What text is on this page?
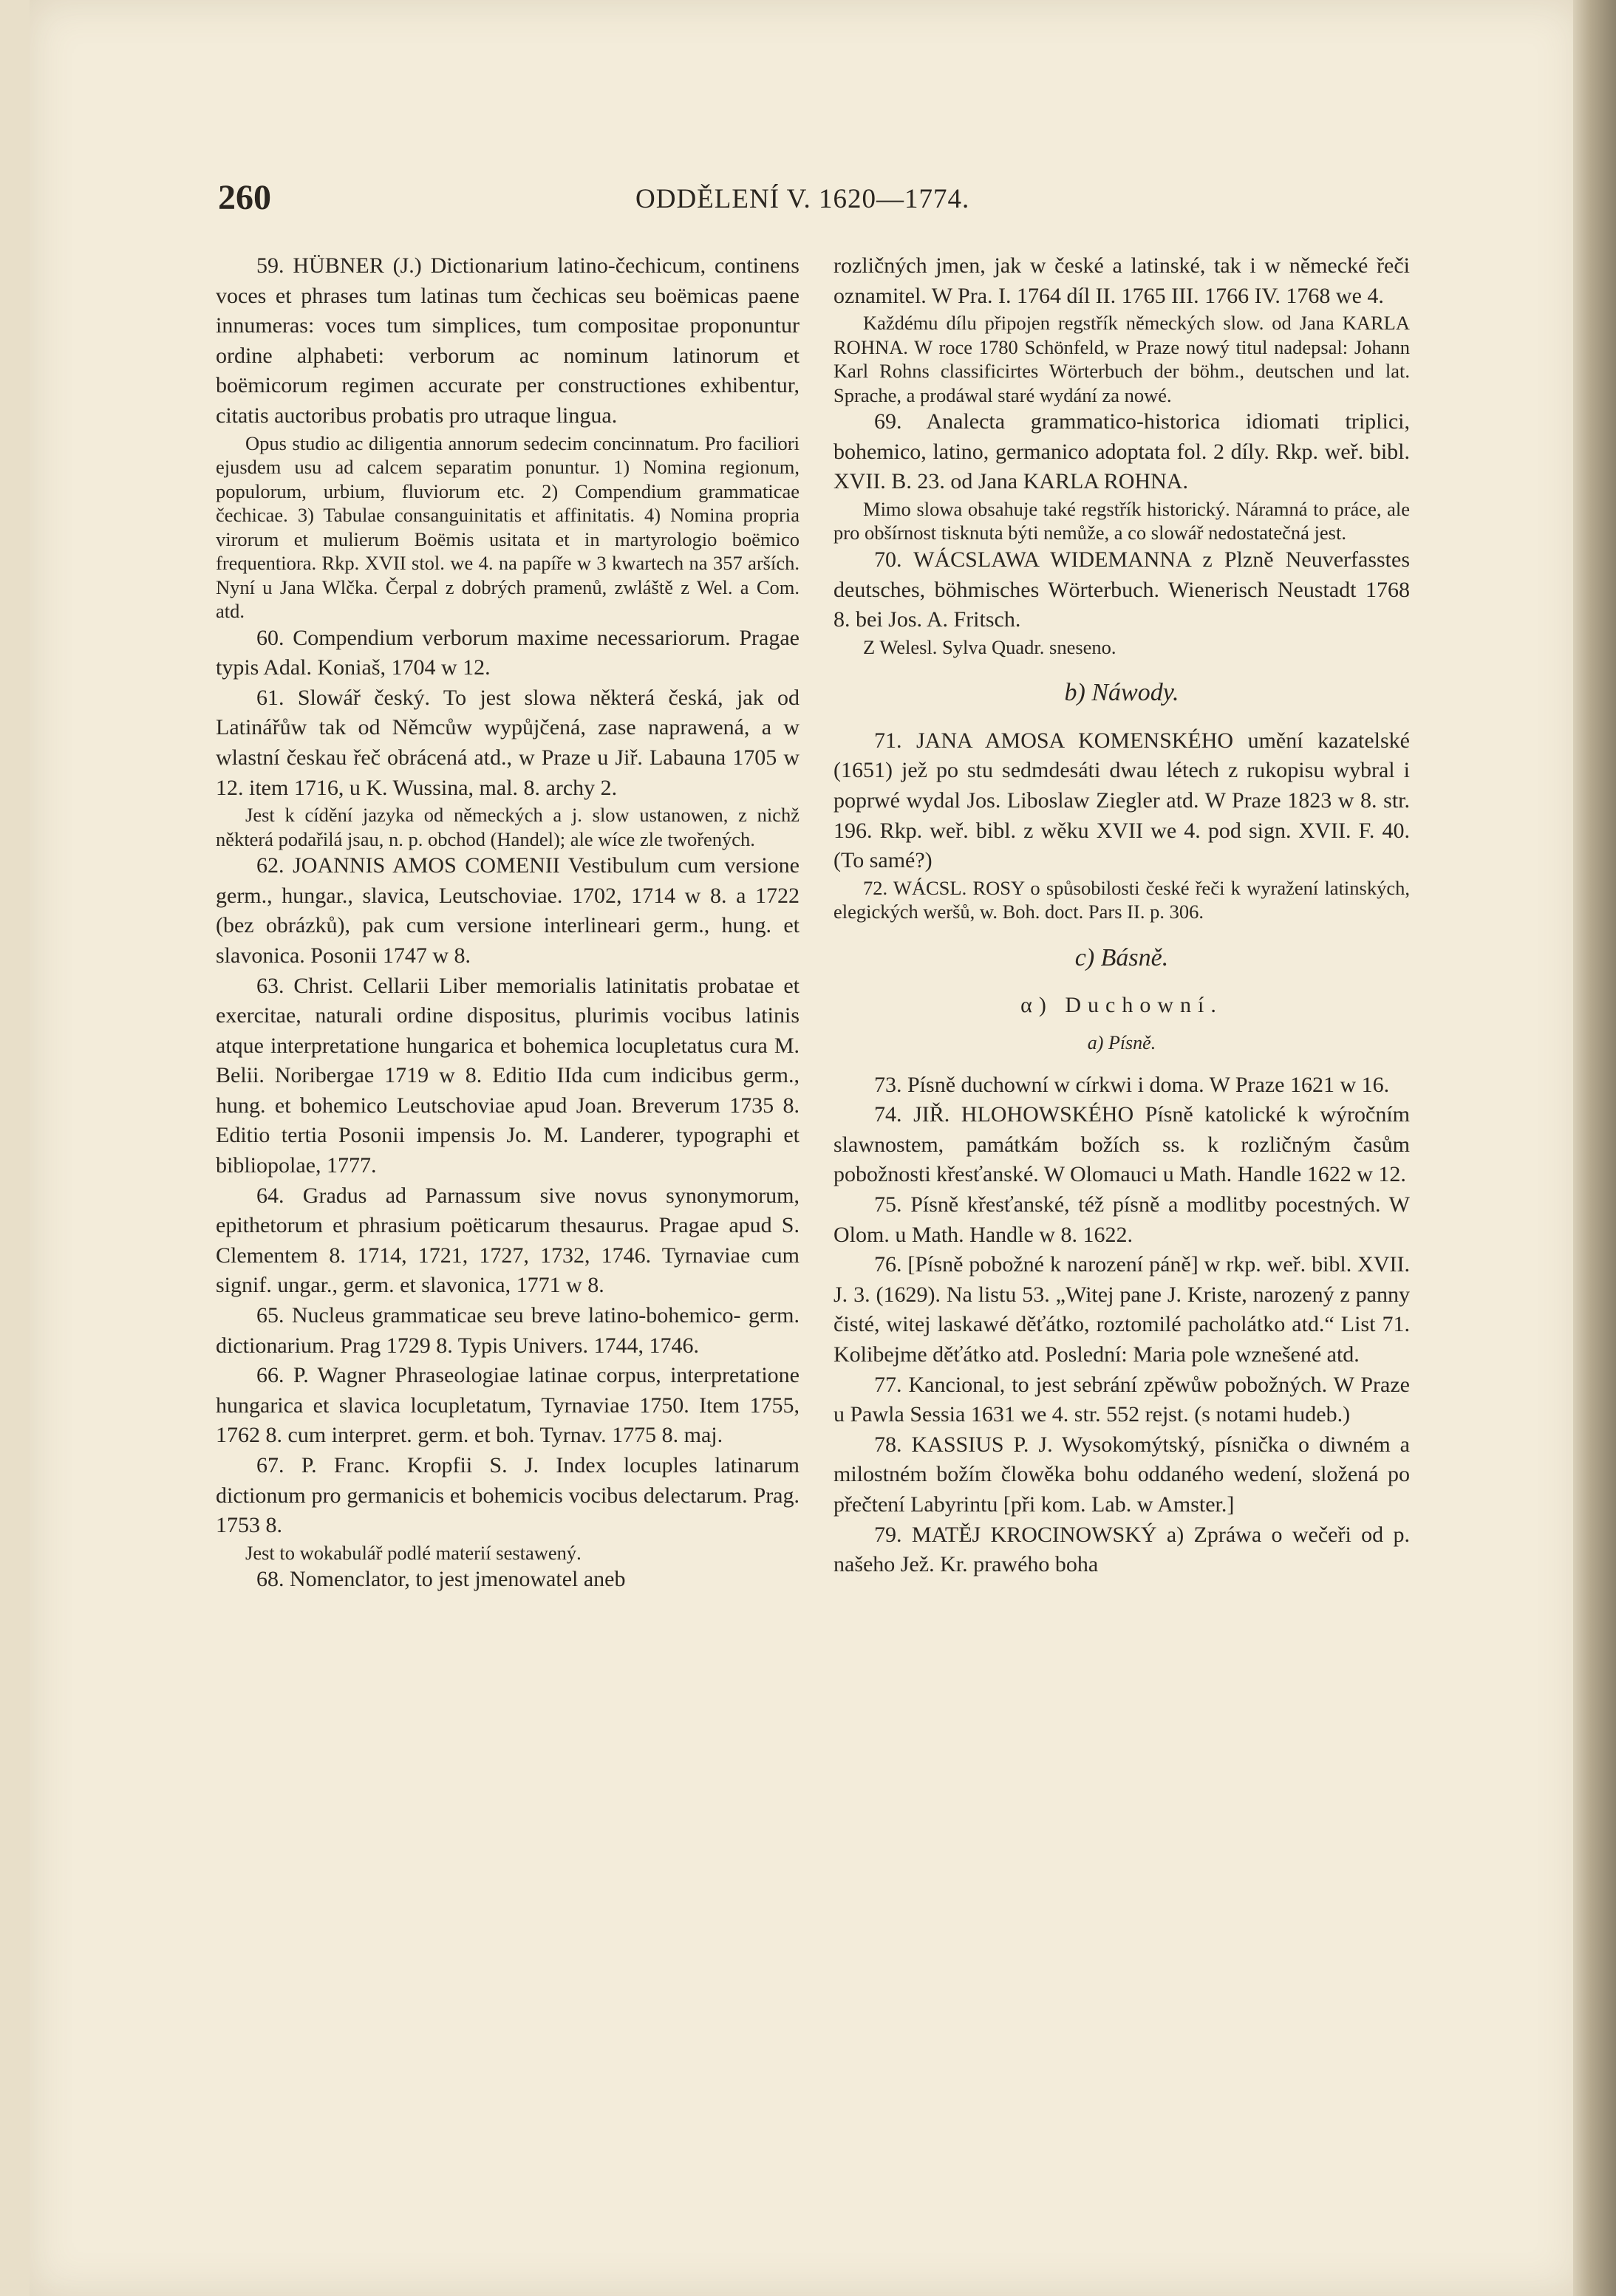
260	ODDĚLENÍ V. 1620—1774.

59. HÜBNER (J.) Dictionarium latino-čechicum, continens voces et phrases tum latinas tum čechicas seu boëmicas paene innumeras: voces tum simplices, tum compositae proponuntur ordine alphabeti: verborum ac nominum latinorum et boëmicorum regimen accurate per constructiones exhibentur, citatis auctoribus probatis pro utraque lingua.

Opus studio ac diligentia annorum sedecim concinnatum. Pro faciliori ejusdem usu ad calcem separatim ponuntur. 1) Nomina regionum, populorum, urbium, fluviorum etc. 2) Compendium grammaticae čechicae. 3) Tabulae consanguinitatis et affinitatis. 4) Nomina propria virorum et mulierum Boëmis usitata et in martyrologio boëmico frequentiora. Rkp. XVII stol. we 4. na papíře w 3 kwartech na 357 arších. Nyní u Jana Wlčka. Čerpal z dobrých pramenů, zwláště z Wel. a Com. atd.

60. Compendium verborum maxime necessariorum. Pragae typis Adal. Koniaš, 1704 w 12.

61. Slowář český. To jest slowa některá česká, jak od Latinářůw tak od Němcůw wypůjčená, zase naprawená, a w wlastní českau řeč obrácená atd., w Praze u Jiř. Labauna 1705 w 12. item 1716, u K. Wussina, mal. 8. archy 2.

Jest k cídění jazyka od německých a j. slow ustanowen, z nichž některá podařilá jsau, n. p. obchod (Handel); ale wíce zle twořených.

62. JOANNIS AMOS COMENII Vestibulum cum versione germ., hungar., slavica, Leutschoviae. 1702, 1714 w 8. a 1722 (bez obrázků), pak cum versione interlineari germ., hung. et slavonica. Posonii 1747 w 8.

63. Christ. Cellarii Liber memorialis latinitatis probatae et exercitae, naturali ordine dispositus, plurimis vocibus latinis atque interpretatione hungarica et bohemica locupletatus cura M. Belii. Noribergae 1719 w 8. Editio IIda cum indicibus germ., hung. et bohemico Leutschoviae apud Joan. Breverum 1735 8. Editio tertia Posonii impensis Jo. M. Landerer, typographi et bibliopolae, 1777.

64. Gradus ad Parnassum sive novus synonymorum, epithetorum et phrasium poëticarum thesaurus. Pragae apud S. Clementem 8. 1714, 1721, 1727, 1732, 1746. Tyrnaviae cum signif. ungar., germ. et slavonica, 1771 w 8.

65. Nucleus grammaticae seu breve latino-bohemico- germ. dictionarium. Prag 1729 8. Typis Univers. 1744, 1746.

66. P. Wagner Phraseologiae latinae corpus, interpretatione hungarica et slavica locupletatum, Tyrnaviae 1750. Item 1755, 1762 8. cum interpret. germ. et boh. Tyrnav. 1775 8. maj.

67. P. Franc. Kropfii S. J. Index locuples latinarum dictionum pro germanicis et bohemicis vocibus delectarum. Prag. 1753 8.

Jest to wokabulář podlé materií sestawený.

68. Nomenclator, to jest jmenowatel aneb

rozličných jmen, jak w české a latinské, tak i w německé řeči oznamitel. W Pra. I. 1764 díl II. 1765 III. 1766 IV. 1768 we 4.

Každému dílu připojen regstřík německých slow. od Jana KARLA ROHNA. W roce 1780 Schönfeld, w Praze nowý titul nadepsal: Johann Karl Rohns classificirtes Wörterbuch der böhm., deutschen und lat. Sprache, a prodáwal staré wydání za nowé.

69. Analecta grammatico-historica idiomati triplici, bohemico, latino, germanico adoptata fol. 2 díly. Rkp. weř. bibl. XVII. B. 23. od Jana KARLA ROHNA.

Mimo slowa obsahuje také regstřík historický. Náramná to práce, ale pro obšírnost tisknuta býti nemůže, a co slowář nedostatečná jest.

70. WÁCSLAWA WIDEMANNA z Plzně Neuverfasstes deutsches, böhmisches Wörterbuch. Wienerisch Neustadt 1768 8. bei Jos. A. Fritsch.

Z Welesl. Sylva Quadr. sneseno.

b) Náwody.

71. JANA AMOSA KOMENSKÉHO umění kazatelské (1651) jež po stu sedmdesáti dwau létech z rukopisu wybral i poprwé wydal Jos. Liboslaw Ziegler atd. W Praze 1823 w 8. str. 196. Rkp. weř. bibl. z wěku XVII we 4. pod sign. XVII. F. 40. (To samé?)

72. WÁCSL. ROSY o spůsobilosti české řeči k wyražení latinských, elegických weršů, w. Boh. doct. Pars II. p. 306.

c) Básně.

α) Duchowní.

a) Písně.

73. Písně duchowní w církwi i doma. W Praze 1621 w 16.

74. JIŘ. HLOHOWSKÉHO Písně katolické k wýročním slawnostem, památkám božích ss. k rozličným časům pobožnosti křesťanské. W Olomauci u Math. Handle 1622 w 12.

75. Písně křesťanské, též písně a modlitby pocestných. W Olom. u Math. Handle w 8. 1622.

76. [Písně pobožné k narození páně] w rkp. weř. bibl. XVII. J. 3. (1629). Na listu 53. „Witej pane J. Kriste, narozený z panny čisté, witej laskawé děťátko, roztomilé pacholátko atd.“ List 71. Kolibejme děťátko atd. Poslední: Maria pole wznešené atd.

77. Kancional, to jest sebrání zpěwůw pobožných. W Praze u Pawla Sessia 1631 we 4. str. 552 rejst. (s notami hudeb.)

78. KASSIUS P. J. Wysokomýtský, písnička o diwném a milostném božím člowěka bohu oddaného wedení, složená po přečtení Labyrintu [při kom. Lab. w Amster.]

79. MATĚJ KROCINOWSKÝ a) Zpráwa o wečeři od p. našeho Jež. Kr. prawého boha
